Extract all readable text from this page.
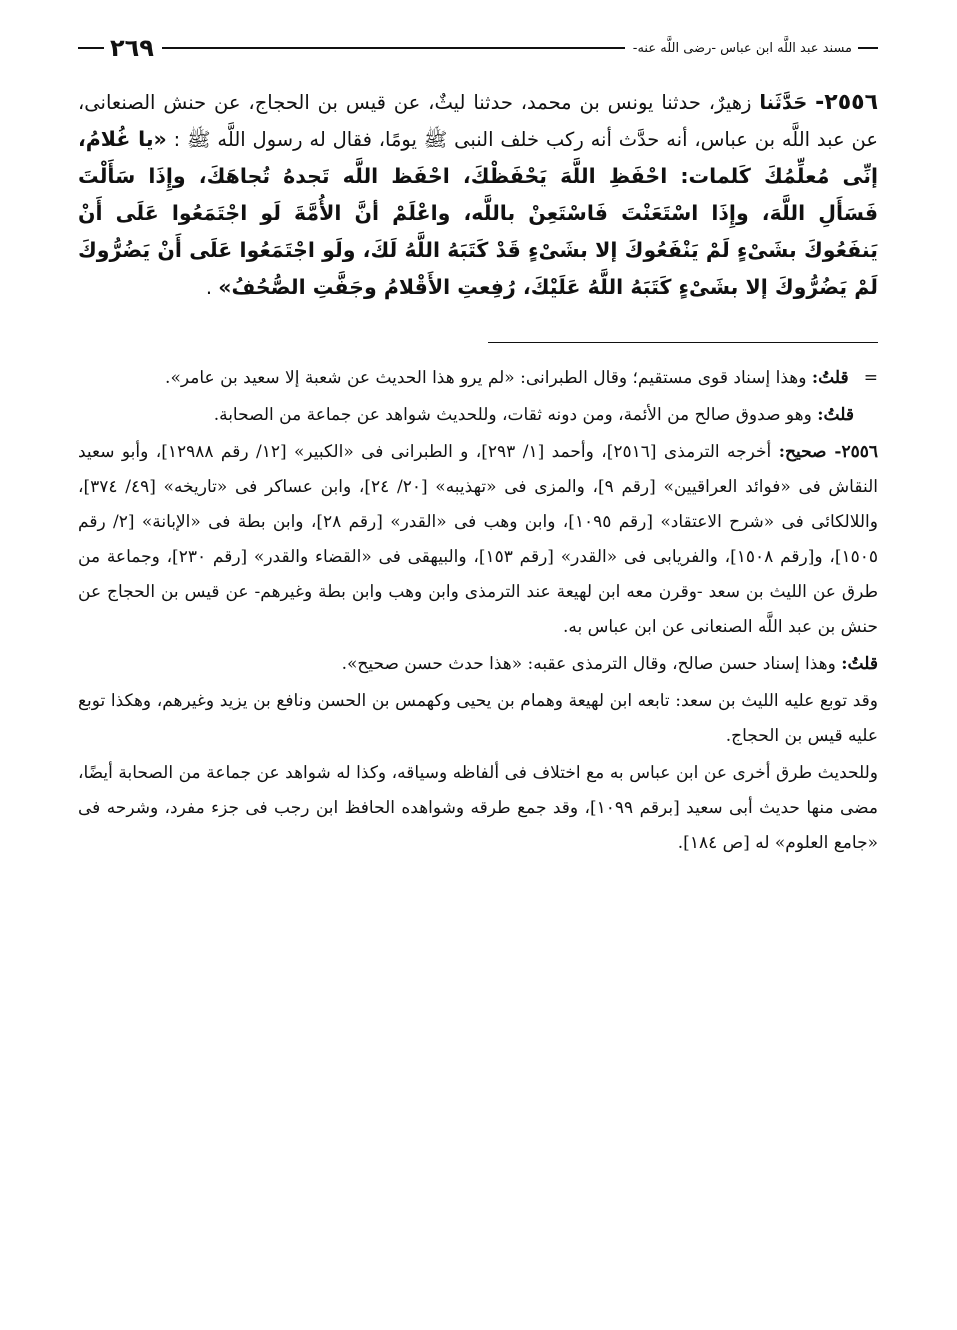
مسند عبد اللَّه ابن عباس -رضى اللَّه عنه-
٢٦٩
٢٥٥٦- حَدَّثَنا زهيرٌ، حدثنا يونس بن محمد، حدثنا ليثٌ، عن قيس بن الحجاج، عن حنش الصنعانى، عن عبد اللَّه بن عباس، أنه حدَّث أنه ركب خلف النبى ﷺ يومًا، فقال له رسول اللَّه ﷺ : «يا غُلامُ، إنِّى مُعلِّمُكَ كَلمات: احْفَظِ اللَّهَ يَحْفَظْكَ، احْفَظ اللَّه تَجدهُ تُجاهَكَ، وإِذَا سَأَلْتَ فَسَأَلِ اللَّهَ، وإِذَا اسْتَعَنْتَ فَاسْتَعِنْ باللَّه، واعْلَمْ أنَّ الأُمَّةَ لَو اجْتَمَعُوا عَلَى أَنْ يَنفَعُوكَ بشَىْءٍ لَمْ يَنْفَعُوكَ إلا بشَىْءٍ قَدْ كَتَبَهُ اللَّهُ لَكَ، ولَو اجْتَمَعُوا عَلَى أَنْ يَضُرُّوكَ لَمْ يَضُرُّوكَ إلا بشَىْءٍ كَتَبَهُ اللَّهُ عَلَيْكَ، رُفِعتِ الأَقْلامُ وجَفَّتِ الصُّحُفُ» .

= قلتُ: وهذا إسناد قوى مستقيم؛ وقال الطبرانى: «لم يرو هذا الحديث عن شعبة إلا سعيد بن عامر».

قلتُ: وهو صدوق صالح من الأئمة، ومن دونه ثقات، وللحديث شواهد عن جماعة من الصحابة.

٢٥٥٦- صحيح: أخرجه الترمذى [٢٥١٦]، وأحمد [١/ ٢٩٣]، و الطبرانى فى «الكبير» [١٢/ رقم ١٢٩٨٨]، وأبو سعيد النقاش فى «فوائد العراقيين» [رقم ٩]، والمزى فى «تهذيبه» [٢٠/ ٢٤]، وابن عساكر فى «تاريخه» [٤٩/ ٣٧٤]، واللالكائى فى «شرح الاعتقاد» [رقم ١٠٩٥]، وابن وهب فى «القدر» [رقم ٢٨]، وابن بطة فى «الإبانة» [٢/ رقم ١٥٠٥]، و[رقم ١٥٠٨]، والفريابى فى «القدر» [رقم ١٥٣]، والبيهقى فى «القضاء والقدر» [رقم ٢٣٠]، وجماعة من طرق عن الليث بن سعد -وقرن معه ابن لهيعة عند الترمذى وابن وهب وابن بطة وغيرهم- عن قيس بن الحجاج عن حنش بن عبد اللَّه الصنعانى عن ابن عباس به.

قلتُ: وهذا إسناد حسن صالح، وقال الترمذى عقبه: «هذا حدث حسن صحيح».

وقد توبع عليه الليث بن سعد: تابعه ابن لهيعة وهمام بن يحيى وكهمس بن الحسن ونافع بن يزيد وغيرهم، وهكذا توبع عليه قيس بن الحجاج.

وللحديث طرق أخرى عن ابن عباس به مع اختلاف فى ألفاظه وسياقه، وكذا له شواهد عن جماعة من الصحابة أيضًا، مضى منها حديث أبى سعيد [برقم ١٠٩٩]، وقد جمع طرقه وشواهده الحافظ ابن رجب فى جزء مفرد، وشرحه فى «جامع العلوم» له [ص ١٨٤].
